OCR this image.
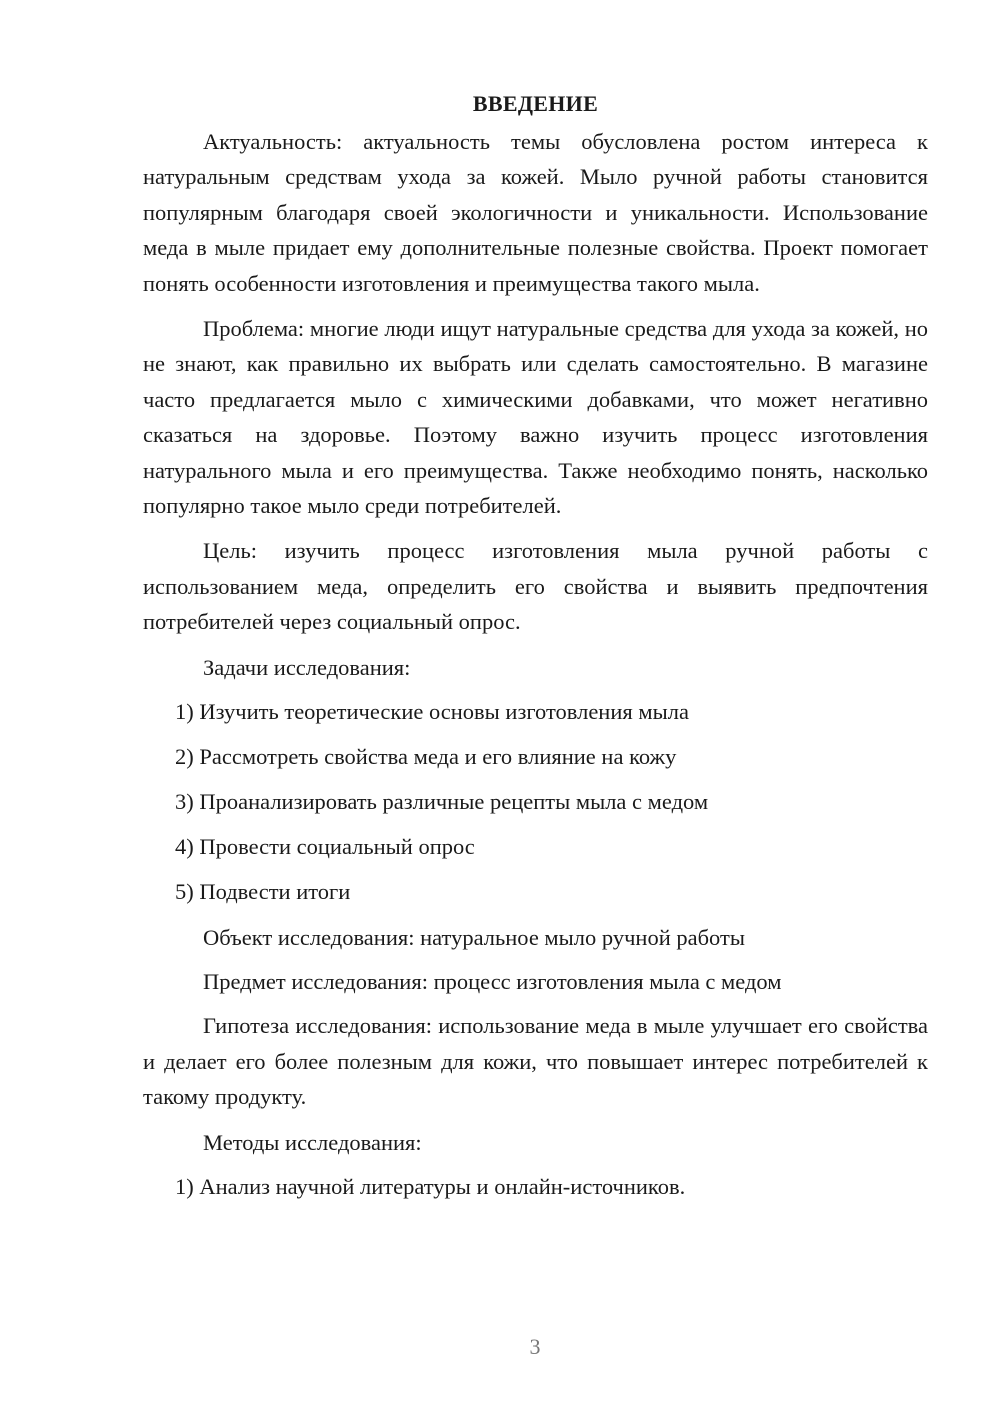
ВВЕДЕНИЕ

Актуальность: актуальность темы обусловлена ростом интереса к натуральным средствам ухода за кожей. Мыло ручной работы становится популярным благодаря своей экологичности и уникальности. Использование меда в мыле придает ему дополнительные полезные свойства. Проект помогает понять особенности изготовления и преимущества такого мыла.

Проблема: многие люди ищут натуральные средства для ухода за кожей, но не знают, как правильно их выбрать или сделать самостоятельно. В магазине часто предлагается мыло с химическими добавками, что может негативно сказаться на здоровье. Поэтому важно изучить процесс изготовления натурального мыла и его преимущества. Также необходимо понять, насколько популярно такое мыло среди потребителей.

Цель: изучить процесс изготовления мыла ручной работы с использованием меда, определить его свойства и выявить предпочтения потребителей через социальный опрос.

Задачи исследования:

1) Изучить теоретические основы изготовления мыла
2) Рассмотреть свойства меда и его влияние на кожу
3) Проанализировать различные рецепты мыла с медом
4) Провести социальный опрос
5) Подвести итоги

Объект исследования: натуральное мыло ручной работы

Предмет исследования: процесс изготовления мыла с медом

Гипотеза исследования: использование меда в мыле улучшает его свойства и делает его более полезным для кожи, что повышает интерес потребителей к такому продукту.

Методы исследования:

1) Анализ научной литературы и онлайн-источников.
3
